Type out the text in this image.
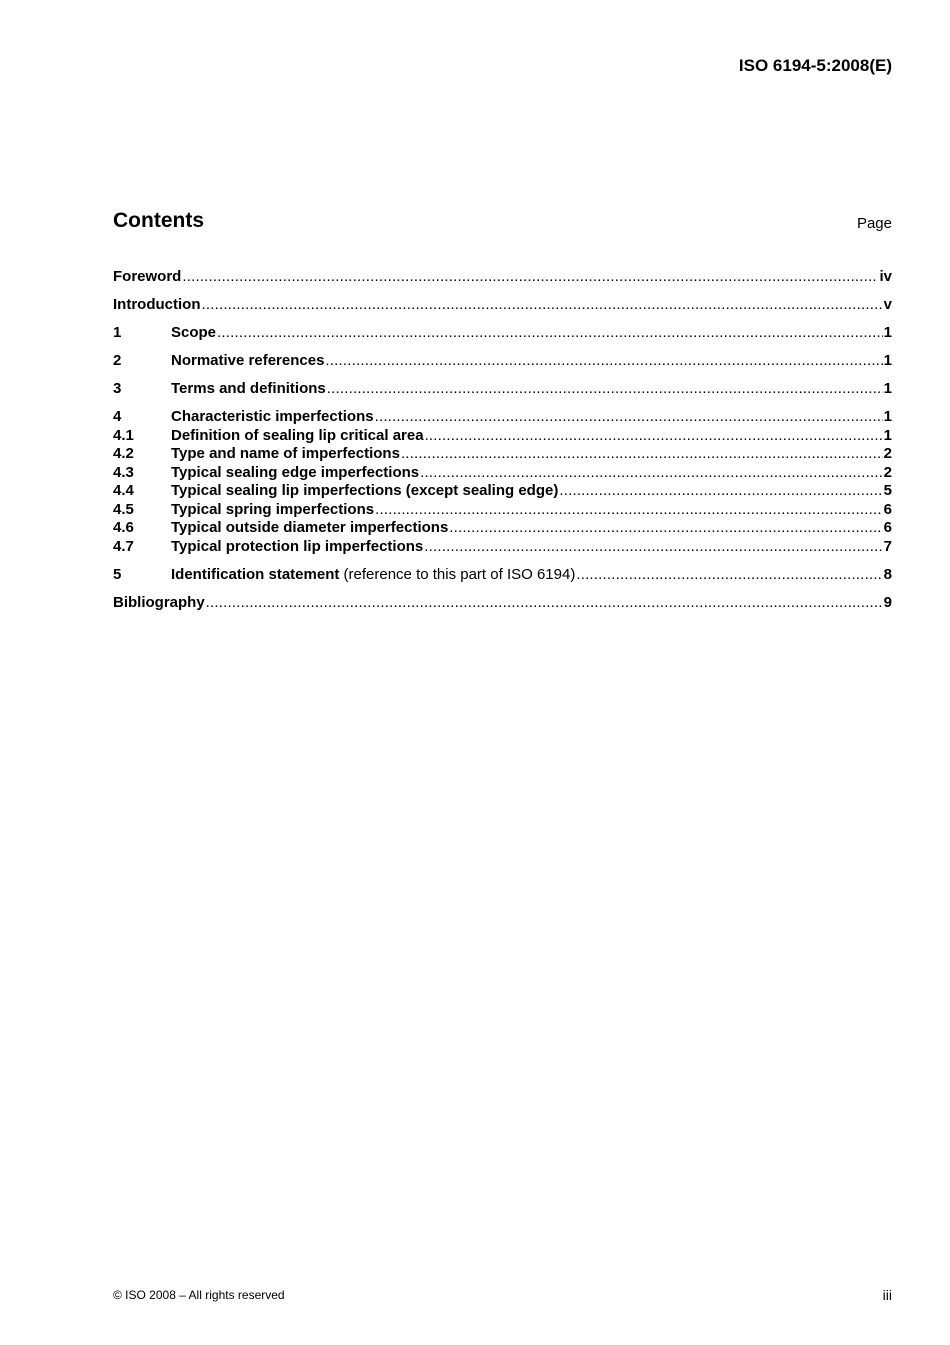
ISO 6194-5:2008(E)
Contents	Page
Foreword .....	iv
Introduction .....	v
1	Scope .....	1
2	Normative references .....	1
3	Terms and definitions .....	1
4	Characteristic imperfections .....	1
4.1	Definition of sealing lip critical area .....	1
4.2	Type and name of imperfections .....	2
4.3	Typical sealing edge imperfections .....	2
4.4	Typical sealing lip imperfections (except sealing edge) .....	5
4.5	Typical spring imperfections .....	6
4.6	Typical outside diameter imperfections .....	6
4.7	Typical protection lip imperfections .....	7
5	Identification statement (reference to this part of ISO 6194) .....	8
Bibliography .....	9
© ISO 2008 – All rights reserved	iii
